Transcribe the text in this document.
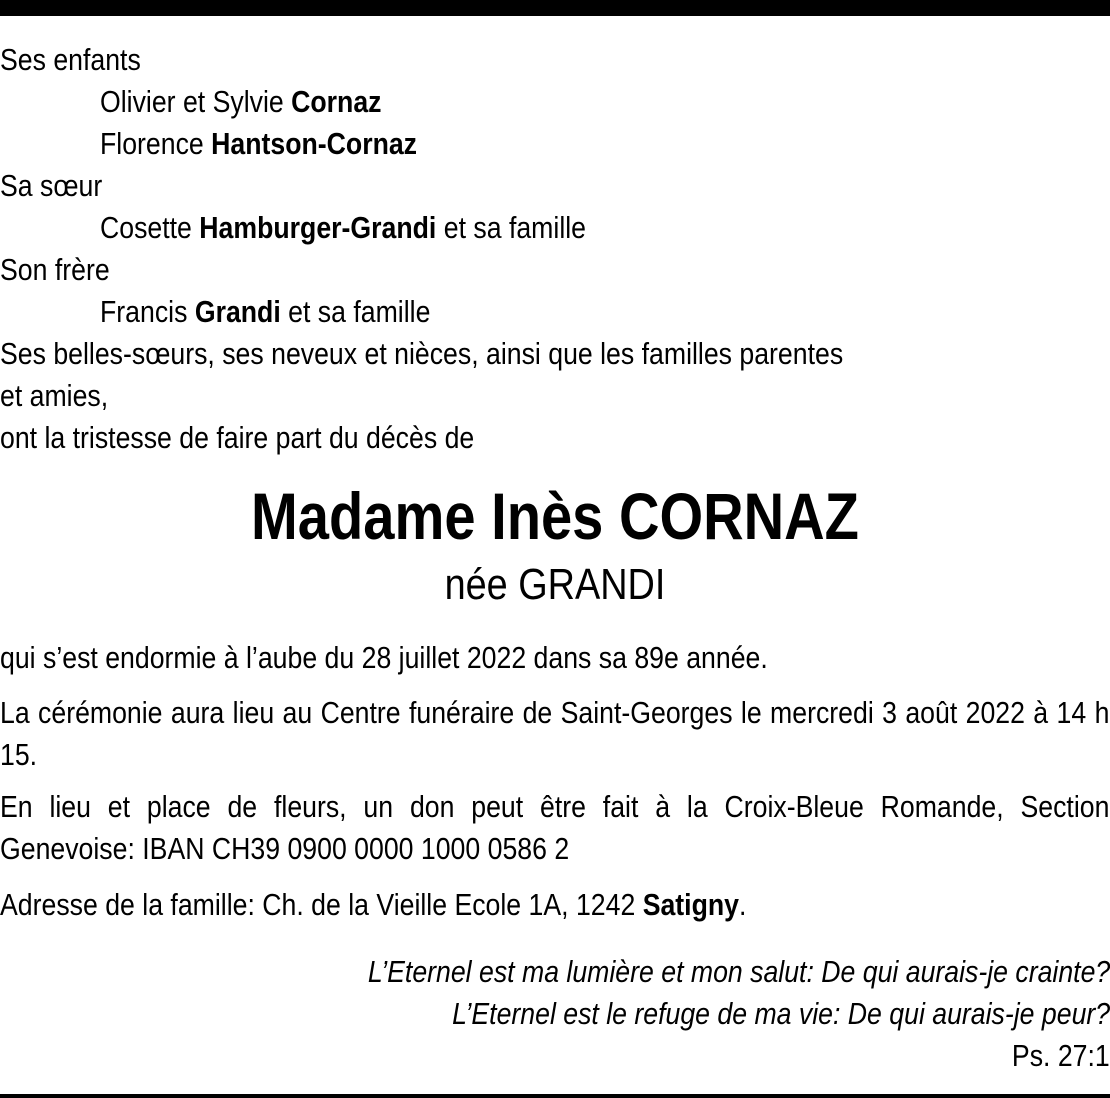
Ses enfants
Olivier et Sylvie Cornaz
Florence Hantson-Cornaz
Sa sœur
Cosette Hamburger-Grandi et sa famille
Son frère
Francis Grandi et sa famille
Ses belles-sœurs, ses neveux et nièces, ainsi que les familles parentes
et amies,
ont la tristesse de faire part du décès de
Madame Inès CORNAZ
née GRANDI
qui s’est endormie à l’aube du 28 juillet 2022 dans sa 89e année.
La cérémonie aura lieu au Centre funéraire de Saint-Georges le mercredi 3 août 2022 à 14 h 15.
En lieu et place de fleurs, un don peut être fait à la Croix-Bleue Romande, Section Genevoise: IBAN CH39 0900 0000 1000 0586 2
Adresse de la famille: Ch. de la Vieille Ecole 1A, 1242 Satigny.
L’Eternel est ma lumière et mon salut: De qui aurais-je crainte?
L’Eternel est le refuge de ma vie: De qui aurais-je peur?
Ps. 27:1
